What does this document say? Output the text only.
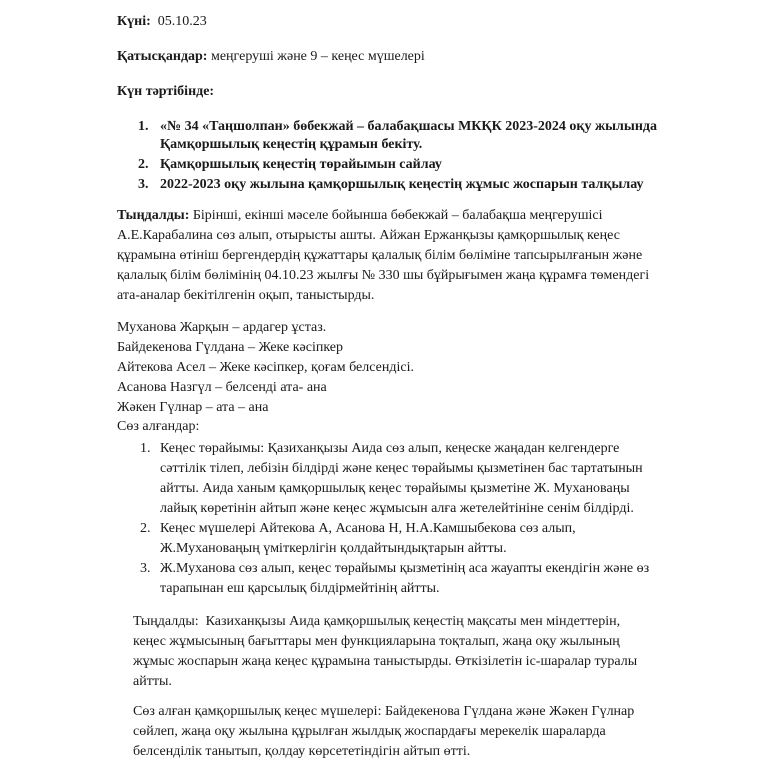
Күні: 05.10.23
Қатысқандар: меңгеруші және 9 – кеңес мүшелері
Күн тәртібінде:
1. «№ 34 «Таңшолпан» бөбекжай – балабақшасы МКҚК 2023-2024 оқу жылында
Қамқоршылық кеңестің құрамын бекіту.
2. Қамқоршылық кеңестің төрайымын сайлау
3. 2022-2023 оқу жылына қамқоршылық кеңестің жұмыс жоспарын талқылау
Тыңдалды: Бірінші, екінші мәселе бойынша бөбекжай – балабақша меңгерушісі
А.Е.Карабалина сөз алып, отырысты ашты. Айжан Ержанқызы қамқоршылық кеңес
құрамына өтініш бергендердің құжаттары қалалық білім бөліміне тапсырылғанын және
қалалық білім бөлімінің 04.10.23 жылғы № 330 шы бұйрығымен жаңа құрамға төмендегі
ата-аналар бекітілгенін оқып, таныстырды.
Муханова Жарқын – ардагер ұстаз.
Байдекенова Гүлдана – Жеке кәсіпкер
Айтекова Асел – Жеке кәсіпкер, қоғам белсендісі.
Асанова Назгүл – белсенді ата- ана
Жәкен Гүлнар – ата – ана
Сөз алғандар:
1. Кеңес төрайымы: Қазиханқызы Аида сөз алып, кеңеске жаңадан келгендерге
сәттілік тілеп, лебізін білдірді және кеңес төрайымы қызметінен бас тартатынын
айтты. Аида ханым қамқоршылық кеңес төрайымы қызметіне Ж. Мухановаңы
лайық көретінін айтып және кеңес жұмысын алға жетелейтініне сенім білдірді.
2. Кеңес мүшелері Айтекова А, Асанова Н, Н.А.Камшыбекова сөз алып,
Ж.Мухановаңың үміткерлігін қолдайтындықтарын айтты.
3. Ж.Муханова сөз алып, кеңес төрайымы қызметінің аса жауапты екендігін және өз
тарапынан еш қарсылық білдірмейтінің айтты.
Тыңдалды: Казиханқызы Аида қамқоршылық кеңестің мақсаты мен міндеттерін,
кеңес жұмысының бағыттары мен функцияларына тоқталып, жаңа оқу жылының
жұмыс жоспарын жаңа кеңес құрамына таныстырды. Өткізілетін іс-шаралар туралы
айтты.
Сөз алған қамқоршылық кеңес мүшелері: Байдекенова Гүлдана және Жәкен Гүлнар
сөйлеп, жаңа оқу жылына құрылған жылдық жоспардағы мерекелік шараларда
белсенділік танытып, қолдау көрсететіндігін айтып өтті.
